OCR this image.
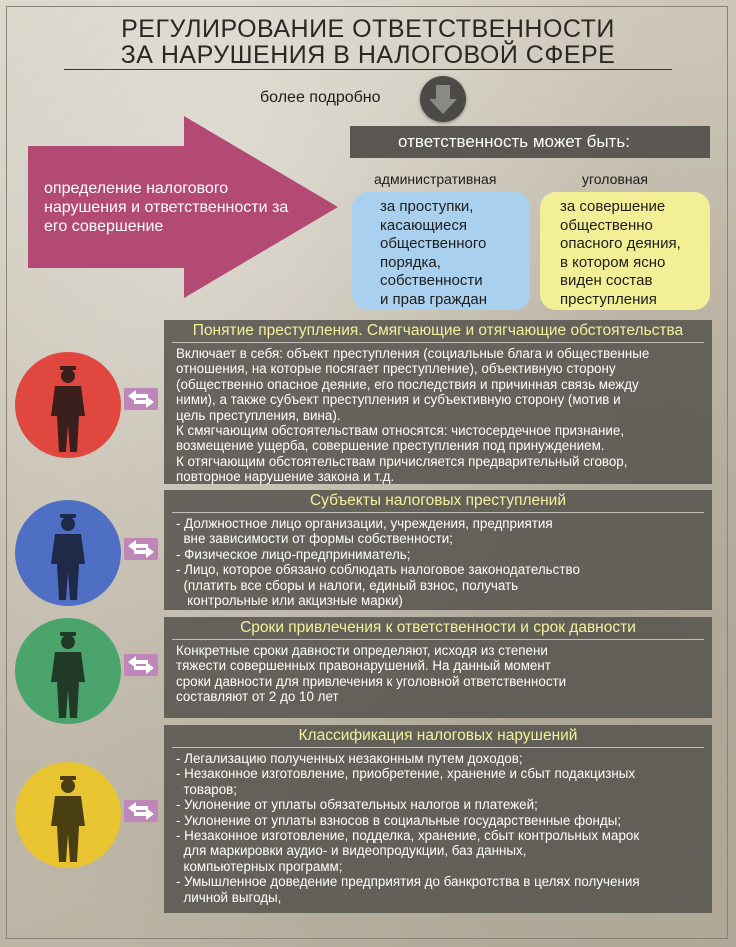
РЕГУЛИРОВАНИЕ ОТВЕТСТВЕННОСТИ
ЗА НАРУШЕНИЯ В НАЛОГОВОЙ СФЕРЕ
более подробно
определение налогового нарушения и ответственности за его совершение
ответственность может быть:
административная	уголовная
за проступки,
касающиеся
общественного
порядка,
собственности
и прав граждан
за совершение
общественно
опасного деяния,
в котором ясно
виден состав
преступления
Понятие преступления. Смягчающие и отягчающие обстоятельства
Включает в себя: объект преступления (социальные блага и общественные
отношения, на которые посягает преступление), объективную сторону
(общественно опасное деяние, его последствия и причинная связь между
ними), а также субъект преступления и субъективную сторону (мотив и
цель преступления, вина).
К смягчающим обстоятельствам относятся: чистосердечное признание,
возмещение ущерба, совершение преступления под принуждением.
К отягчающим обстоятельствам причисляется предварительный сговор,
повторное нарушение закона и т.д.
Субъекты налоговых преступлений
- Должностное лицо организации, учреждения, предприятия
вне зависимости от формы собственности;
- Физическое лицо-предприниматель;
- Лицо, которое обязано соблюдать налоговое законодательство
(платить все сборы и налоги, единый взнос, получать
контрольные или акцизные марки)
Сроки привлечения к ответственности и срок давности
Конкретные сроки давности определяют, исходя из степени
тяжести совершенных правонарушений. На данный момент
сроки давности для привлечения к уголовной ответственности
составляют от 2 до 10 лет
Классификация налоговых нарушений
- Легализацию полученных незаконным путем доходов;
- Незаконное изготовление, приобретение, хранение и сбыт подакцизных
товаров;
- Уклонение от уплаты обязательных налогов и платежей;
- Уклонение от уплаты взносов в социальные государственные фонды;
- Незаконное изготовление, подделка, хранение, сбыт контрольных марок
для маркировки аудио- и видеопродукции, баз данных,
компьютерных программ;
- Умышленное доведение предприятия до банкротства в целях получения
личной выгоды,
